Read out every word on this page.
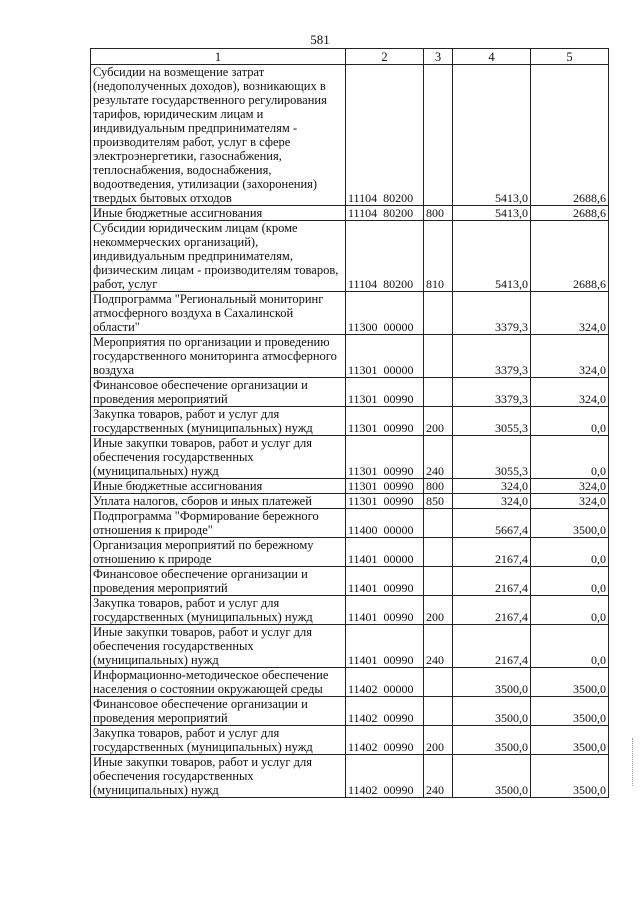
581
1	2	3	4	5
Субсидии на возмещение затрат (недополученных доходов), возникающих в результате государственного регулирования тарифов, юридическим лицам и индивидуальным предпринимателям - производителям работ, услуг в сфере электроэнергетики, газоснабжения, теплоснабжения, водоснабжения, водоотведения, утилизации (захоронения) твердых бытовых отходов	11104  80200		5413,0	2688,6
Иные бюджетные ассигнования	11104  80200	800	5413,0	2688,6
Субсидии юридическим лицам (кроме некоммерческих организаций), индивидуальным предпринимателям, физическим лицам - производителям товаров, работ, услуг	11104  80200	810	5413,0	2688,6
Подпрограмма "Региональный мониторинг атмосферного воздуха в Сахалинской области"	11300  00000		3379,3	324,0
Мероприятия по организации и проведению государственного мониторинга атмосферного воздуха	11301  00000		3379,3	324,0
Финансовое обеспечение организации и проведения мероприятий	11301  00990		3379,3	324,0
Закупка товаров, работ и услуг для государственных (муниципальных) нужд	11301  00990	200	3055,3	0,0
Иные закупки товаров, работ и услуг для обеспечения государственных (муниципальных) нужд	11301  00990	240	3055,3	0,0
Иные бюджетные ассигнования	11301  00990	800	324,0	324,0
Уплата налогов, сборов и иных платежей	11301  00990	850	324,0	324,0
Подпрограмма "Формирование бережного отношения к природе"	11400  00000		5667,4	3500,0
Организация мероприятий по бережному отношению к природе	11401  00000		2167,4	0,0
Финансовое обеспечение организации и проведения мероприятий	11401  00990		2167,4	0,0
Закупка товаров, работ и услуг для государственных (муниципальных) нужд	11401  00990	200	2167,4	0,0
Иные закупки товаров, работ и услуг для обеспечения государственных (муниципальных) нужд	11401  00990	240	2167,4	0,0
Информационно-методическое обеспечение населения о состоянии окружающей среды	11402  00000		3500,0	3500,0
Финансовое обеспечение организации и проведения мероприятий	11402  00990		3500,0	3500,0
Закупка товаров, работ и услуг для государственных (муниципальных) нужд	11402  00990	200	3500,0	3500,0
Иные закупки товаров, работ и услуг для обеспечения государственных (муниципальных) нужд	11402  00990	240	3500,0	3500,0
